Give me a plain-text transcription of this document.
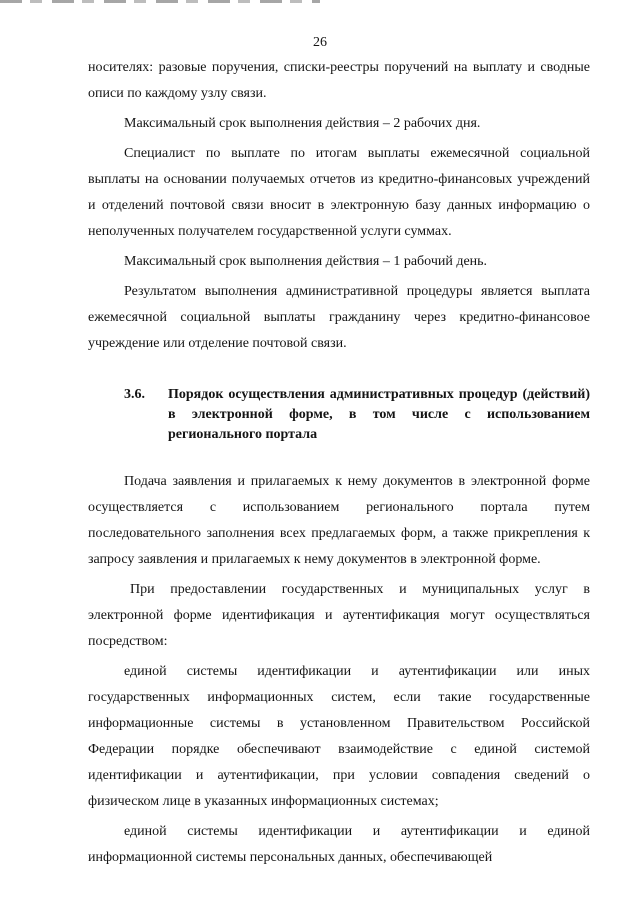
26

носителях: разовые поручения, списки-реестры поручений на выплату и сводные описи по каждому узлу связи.

Максимальный срок выполнения действия – 2 рабочих дня.

Специалист по выплате по итогам выплаты ежемесячной социальной выплаты на основании получаемых отчетов из кредитно-финансовых учреждений и отделений почтовой связи вносит в электронную базу данных информацию о неполученных получателем государственной услуги суммах.

Максимальный срок выполнения действия – 1 рабочий день.

Результатом выполнения административной процедуры является выплата ежемесячной социальной выплаты гражданину через кредитно-финансовое учреждение или отделение почтовой связи.

3.6.	Порядок осуществления административных процедур (действий) в электронной форме, в том числе с использованием регионального портала

Подача заявления и прилагаемых к нему документов в электронной форме осуществляется с использованием регионального портала путем последовательного заполнения всех предлагаемых форм, а также прикрепления к запросу заявления и прилагаемых к нему документов в электронной форме.

При предоставлении государственных и муниципальных услуг в электронной форме идентификация и аутентификация могут осуществляться посредством:

единой системы идентификации и аутентификации или иных государственных информационных систем, если такие государственные информационные системы в установленном Правительством Российской Федерации порядке обеспечивают взаимодействие с единой системой идентификации и аутентификации, при условии совпадения сведений о физическом лице в указанных информационных системах;

единой системы идентификации и аутентификации и единой информационной системы персональных данных, обеспечивающей
